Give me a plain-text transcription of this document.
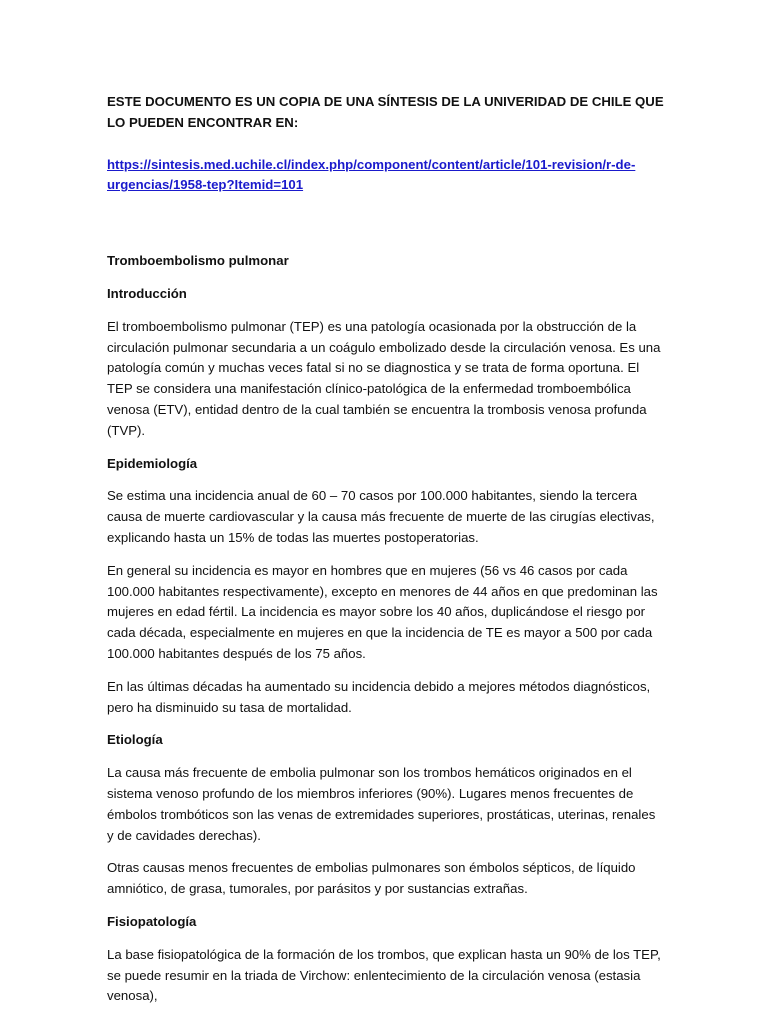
ESTE DOCUMENTO ES UN COPIA DE UNA SÍNTESIS DE LA UNIVERIDAD DE CHILE QUE LO PUEDEN ENCONTRAR EN:

https://sintesis.med.uchile.cl/index.php/component/content/article/101-revision/r-de-urgencias/1958-tep?Itemid=101

Tromboembolismo pulmonar

Introducción

El tromboembolismo pulmonar (TEP) es una patología ocasionada por la obstrucción de la circulación pulmonar secundaria a un coágulo embolizado desde la circulación venosa. Es una patología común y muchas veces fatal si no se diagnostica y se trata de forma oportuna. El TEP se considera una manifestación clínico-patológica de la enfermedad tromboembólica venosa (ETV), entidad dentro de la cual también se encuentra la trombosis venosa profunda (TVP).

Epidemiología

Se estima una incidencia anual de 60 – 70 casos por 100.000 habitantes, siendo la tercera causa de muerte cardiovascular y la causa más frecuente de muerte de las cirugías electivas, explicando hasta un 15% de todas las muertes postoperatorias.

En general su incidencia es mayor en hombres que en mujeres (56 vs 46 casos por cada 100.000 habitantes respectivamente), excepto en menores de 44 años en que predominan las mujeres en edad fértil. La incidencia es mayor sobre los 40 años, duplicándose el riesgo por cada década, especialmente en mujeres en que la incidencia de TE es mayor a 500 por cada 100.000 habitantes después de los 75 años.

En las últimas décadas ha aumentado su incidencia debido a mejores métodos diagnósticos, pero ha disminuido su tasa de mortalidad.

Etiología

La causa más frecuente de embolia pulmonar son los trombos hemáticos originados en el sistema venoso profundo de los miembros inferiores (90%). Lugares menos frecuentes de émbolos trombóticos son las venas de extremidades superiores, prostáticas, uterinas, renales y de cavidades derechas).

Otras causas menos frecuentes de embolias pulmonares son émbolos sépticos, de líquido amniótico, de grasa, tumorales, por parásitos y por sustancias extrañas.

Fisiopatología

La base fisiopatológica de la formación de los trombos, que explican hasta un 90% de los TEP, se puede resumir en la triada de Virchow: enlentecimiento de la circulación venosa (estasia venosa),
